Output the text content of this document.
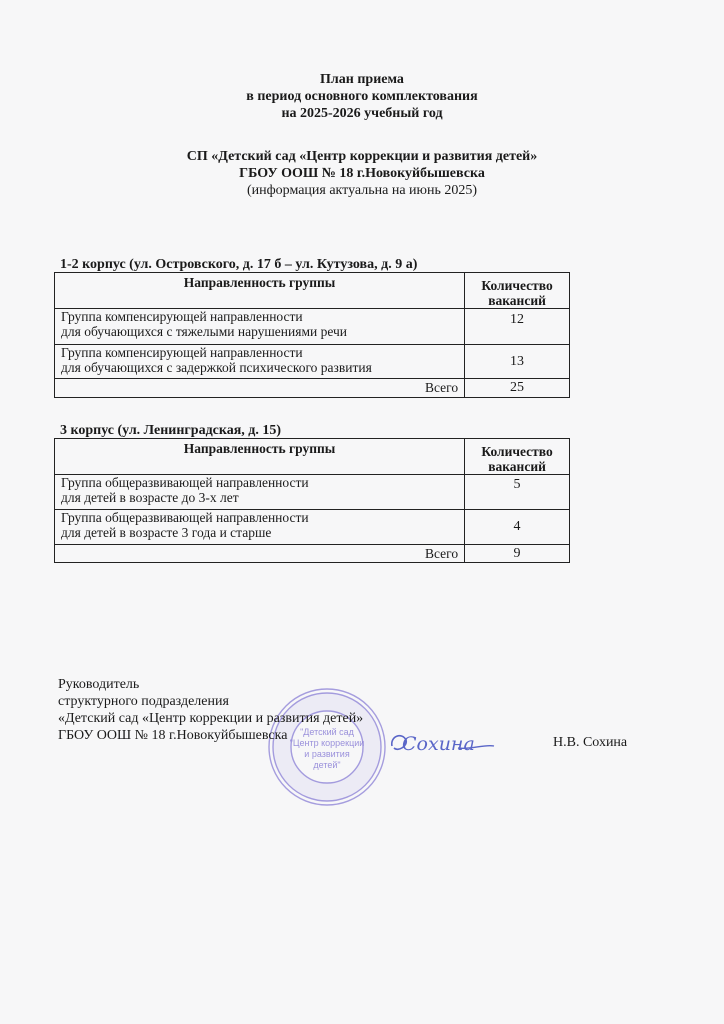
План приема
в период основного комплектования
на 2025-2026 учебный год
СП «Детский сад «Центр коррекции и развития детей»
ГБОУ ООШ № 18 г.Новокуйбышевска
(информация актуальна на июнь 2025)
1-2 корпус (ул. Островского, д. 17 б – ул. Кутузова, д. 9 а)
Направленность группы	Количество
вакансий

Группа компенсирующей направленности
для обучающихся с тяжелыми нарушениями речи	12

Группа компенсирующей направленности
для обучающихся с задержкой психического развития	13
Всего	25
3 корпус (ул. Ленинградская, д. 15)
Направленность группы	Количество
вакансий

Группа общеразвивающей направленности
для детей в возрасте до 3-х лет	5

Группа общеразвивающей направленности
для детей в возрасте 3 года и старше	4
Всего	9
"Детский сад
"Центр коррекции
и развития
детей"
Руководитель
структурного подразделения
«Детский сад «Центр коррекции и развития детей»
ГБОУ ООШ № 18 г.Новокуйбышевска	Сохина	Н.В. Сохина
